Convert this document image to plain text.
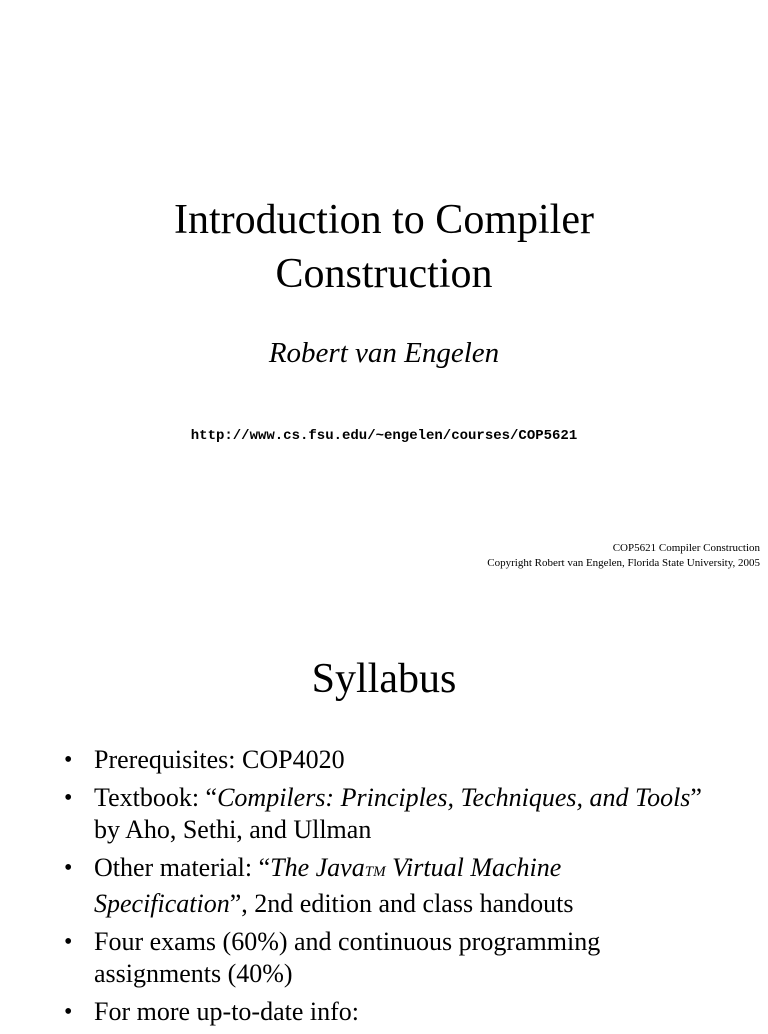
Introduction to Compiler
Construction
Robert van Engelen
http://www.cs.fsu.edu/~engelen/courses/COP5621
COP5621 Compiler Construction
Copyright Robert van Engelen, Florida State University, 2005
Syllabus
• Prerequisites: COP4020
• Textbook: “Compilers: Principles, Techniques, and Tools” by Aho, Sethi, and Ullman
• Other material: “The JavaTM Virtual Machine Specification”, 2nd edition and class handouts
• Four exams (60%) and continuous programming assignments (40%)
• For more up-to-date info:
